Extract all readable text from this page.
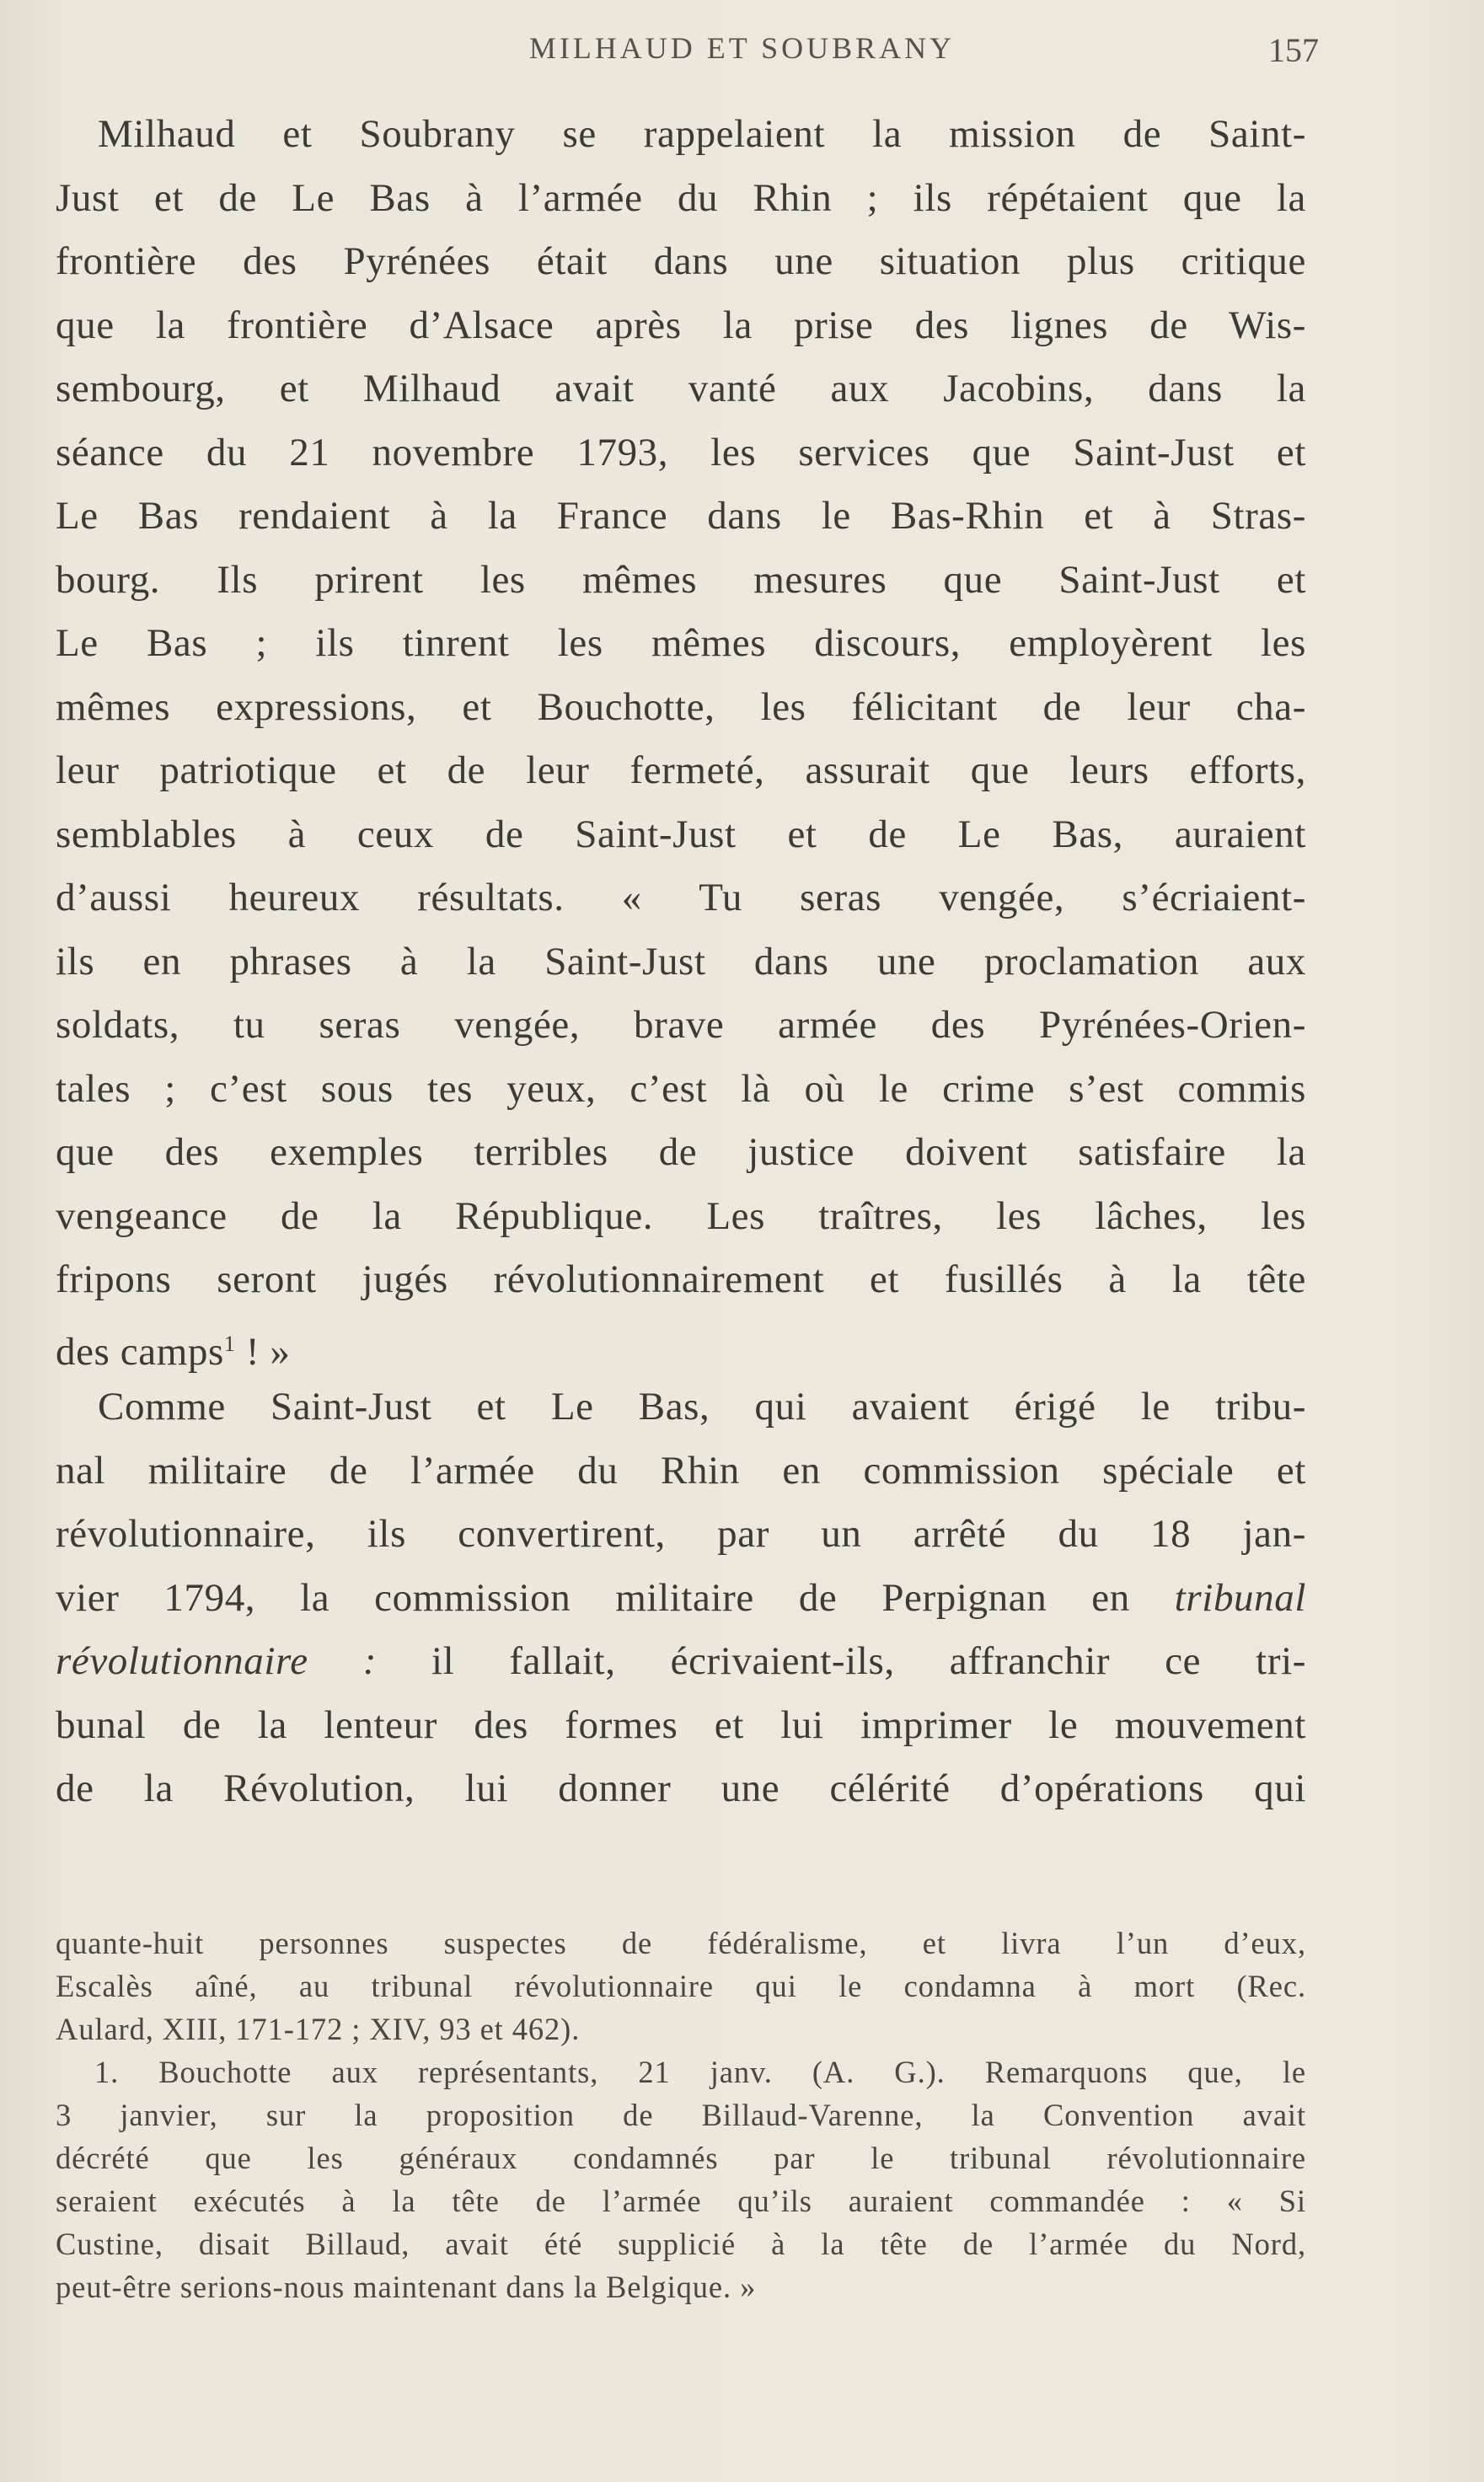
MILHAUD ET SOUBRANY	157
Milhaud et Soubrany se rappelaient la mission de Saint-
Just et de Le Bas à l’armée du Rhin ; ils répétaient que la
frontière des Pyrénées était dans une situation plus critique
que la frontière d’Alsace après la prise des lignes de Wis-
sembourg, et Milhaud avait vanté aux Jacobins, dans la
séance du 21 novembre 1793, les services que Saint-Just et
Le Bas rendaient à la France dans le Bas-Rhin et à Stras-
bourg. Ils prirent les mêmes mesures que Saint-Just et
Le Bas ; ils tinrent les mêmes discours, employèrent les
mêmes expressions, et Bouchotte, les félicitant de leur cha-
leur patriotique et de leur fermeté, assurait que leurs efforts,
semblables à ceux de Saint-Just et de Le Bas, auraient
d’aussi heureux résultats. « Tu seras vengée, s’écriaient-
ils en phrases à la Saint-Just dans une proclamation aux
soldats, tu seras vengée, brave armée des Pyrénées-Orien-
tales ; c’est sous tes yeux, c’est là où le crime s’est commis
que des exemples terribles de justice doivent satisfaire la
vengeance de la République. Les traîtres, les lâches, les
fripons seront jugés révolutionnairement et fusillés à la tête
des camps$^1$ ! »
Comme Saint-Just et Le Bas, qui avaient érigé le tribu-
nal militaire de l’armée du Rhin en commission spéciale et
révolutionnaire, ils convertirent, par un arrêté du 18 jan-
vier 1794, la commission militaire de Perpignan en tribunal
révolutionnaire : il fallait, écrivaient-ils, affranchir ce tri-
bunal de la lenteur des formes et lui imprimer le mouvement
de la Révolution, lui donner une célérité d’opérations qui
quante-huit personnes suspectes de fédéralisme, et livra l’un d’eux,
Escalès aîné, au tribunal révolutionnaire qui le condamna à mort (Rec.
Aulard, XIII, 171-172 ; XIV, 93 et 462).
1. Bouchotte aux représentants, 21 janv. (A. G.). Remarquons que, le
3 janvier, sur la proposition de Billaud-Varenne, la Convention avait
décrété que les généraux condamnés par le tribunal révolutionnaire
seraient exécutés à la tête de l’armée qu’ils auraient commandée : « Si
Custine, disait Billaud, avait été supplicié à la tête de l’armée du Nord,
peut-être serions-nous maintenant dans la Belgique. »
